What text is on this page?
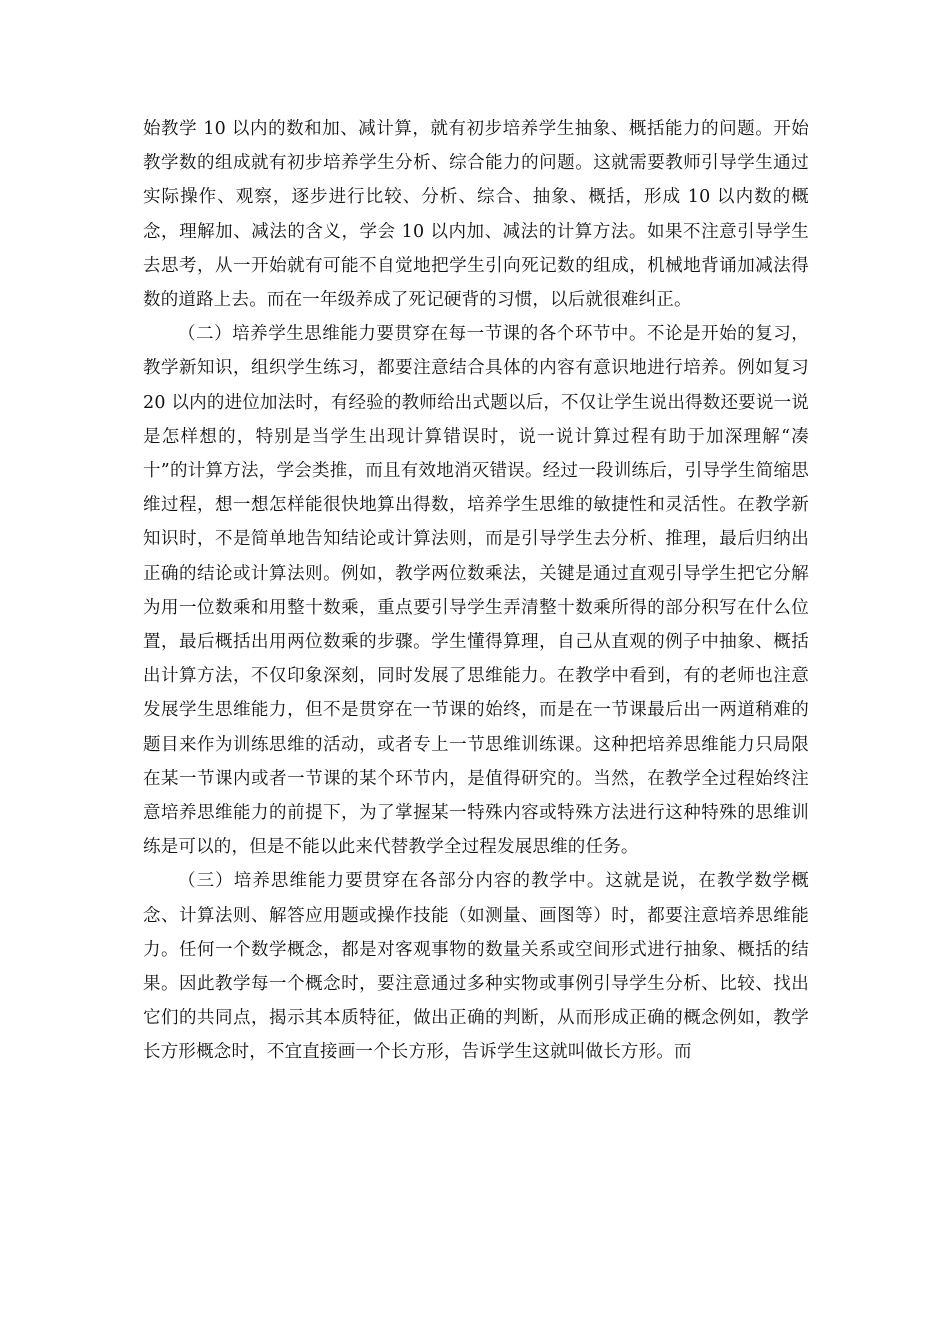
始教学 10 以内的数和加、减计算，就有初步培养学生抽象、概括能力的问题。开始教学数的组成就有初步培养学生分析、综合能力的问题。这就需要教师引导学生通过实际操作、观察，逐步进行比较、分析、综合、抽象、概括，形成 10 以内数的概念，理解加、减法的含义，学会 10 以内加、减法的计算方法。如果不注意引导学生去思考，从一开始就有可能不自觉地把学生引向死记数的组成，机械地背诵加减法得数的道路上去。而在一年级养成了死记硬背的习惯，以后就很难纠正。

（二）培养学生思维能力要贯穿在每一节课的各个环节中。不论是开始的复习，教学新知识，组织学生练习，都要注意结合具体的内容有意识地进行培养。例如复习 20 以内的进位加法时，有经验的教师给出式题以后，不仅让学生说出得数还要说一说是怎样想的，特别是当学生出现计算错误时，说一说计算过程有助于加深理解“凑十”的计算方法，学会类推，而且有效地消灭错误。经过一段训练后，引导学生简缩思维过程，想一想怎样能很快地算出得数，培养学生思维的敏捷性和灵活性。在教学新知识时，不是简单地告知结论或计算法则，而是引导学生去分析、推理，最后归纳出正确的结论或计算法则。例如，教学两位数乘法，关键是通过直观引导学生把它分解为用一位数乘和用整十数乘，重点要引导学生弄清整十数乘所得的部分积写在什么位置，最后概括出用两位数乘的步骤。学生懂得算理，自己从直观的例子中抽象、概括出计算方法，不仅印象深刻，同时发展了思维能力。在教学中看到，有的老师也注意发展学生思维能力，但不是贯穿在一节课的始终，而是在一节课最后出一两道稍难的题目来作为训练思维的活动，或者专上一节思维训练课。这种把培养思维能力只局限在某一节课内或者一节课的某个环节内，是值得研究的。当然，在教学全过程始终注意培养思维能力的前提下，为了掌握某一特殊内容或特殊方法进行这种特殊的思维训练是可以的，但是不能以此来代替教学全过程发展思维的任务。

（三）培养思维能力要贯穿在各部分内容的教学中。这就是说，在教学数学概念、计算法则、解答应用题或操作技能（如测量、画图等）时，都要注意培养思维能力。任何一个数学概念，都是对客观事物的数量关系或空间形式进行抽象、概括的结果。因此教学每一个概念时，要注意通过多种实物或事例引导学生分析、比较、找出它们的共同点，揭示其本质特征，做出正确的判断，从而形成正确的概念例如，教学长方形概念时，不宜直接画一个长方形，告诉学生这就叫做长方形。而
